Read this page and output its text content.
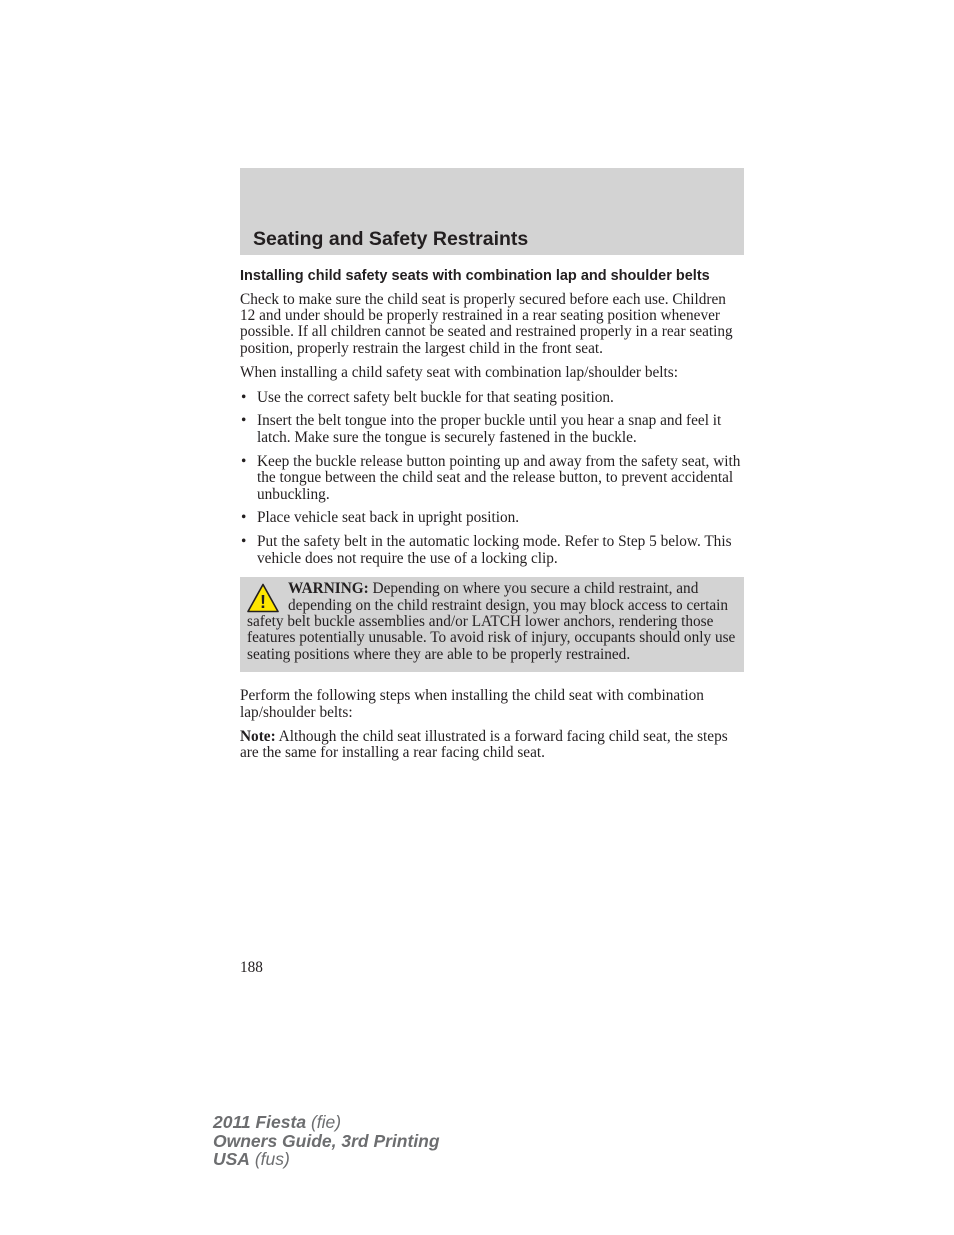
Seating and Safety Restraints
Installing child safety seats with combination lap and shoulder belts

Check to make sure the child seat is properly secured before each use. Children 12 and under should be properly restrained in a rear seating position whenever possible. If all children cannot be seated and restrained properly in a rear seating position, properly restrain the largest child in the front seat.

When installing a child safety seat with combination lap/shoulder belts:

• Use the correct safety belt buckle for that seating position.
• Insert the belt tongue into the proper buckle until you hear a snap and feel it latch. Make sure the tongue is securely fastened in the buckle.
• Keep the buckle release button pointing up and away from the safety seat, with the tongue between the child seat and the release button, to prevent accidental unbuckling.
• Place vehicle seat back in upright position.
• Put the safety belt in the automatic locking mode. Refer to Step 5 below. This vehicle does not require the use of a locking clip.
!
WARNING: Depending on where you secure a child restraint, and depending on the child restraint design, you may block access to certain safety belt buckle assemblies and/or LATCH lower anchors, rendering those features potentially unusable. To avoid risk of injury, occupants should only use seating positions where they are able to be properly restrained.

Perform the following steps when installing the child seat with combination lap/shoulder belts:

Note: Although the child seat illustrated is a forward facing child seat, the steps are the same for installing a rear facing child seat.

188
2011 Fiesta (fie)
Owners Guide, 3rd Printing
USA (fus)
